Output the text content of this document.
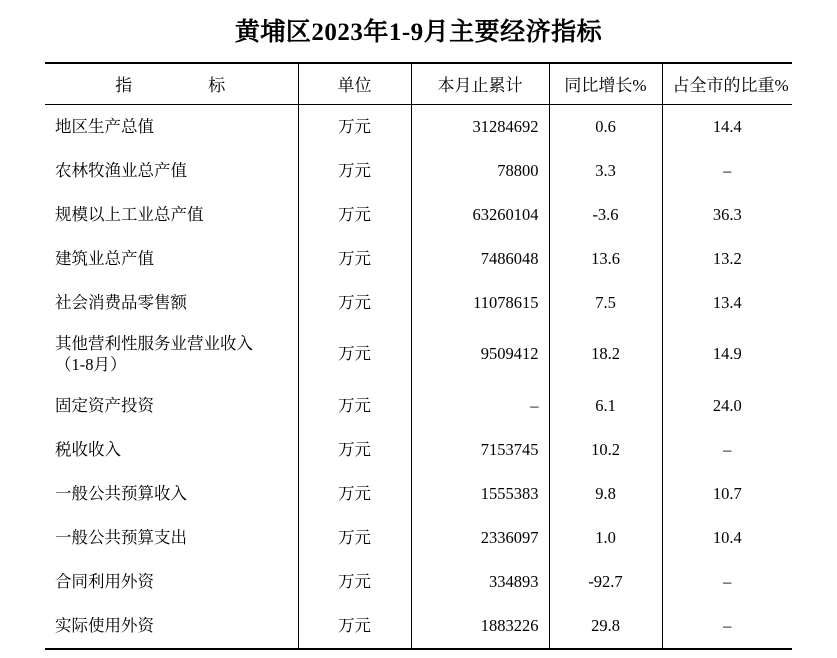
黄埔区2023年1-9月主要经济指标
指　　标	单位	本月止累计	同比增长%	占全市的比重%
地区生产总值	万元	31284692	0.6	14.4
农林牧渔业总产值	万元	78800	3.3	–
规模以上工业总产值	万元	63260104	-3.6	36.3
建筑业总产值	万元	7486048	13.6	13.2
社会消费品零售额	万元	11078615	7.5	13.4

其他营利性服务业营业收入
（1-8月）	万元	9509412	18.2	14.9
固定资产投资	万元	–	6.1	24.0
税收收入	万元	7153745	10.2	–
一般公共预算收入	万元	1555383	9.8	10.7
一般公共预算支出	万元	2336097	1.0	10.4
合同利用外资	万元	334893	-92.7	–
实际使用外资	万元	1883226	29.8	–
